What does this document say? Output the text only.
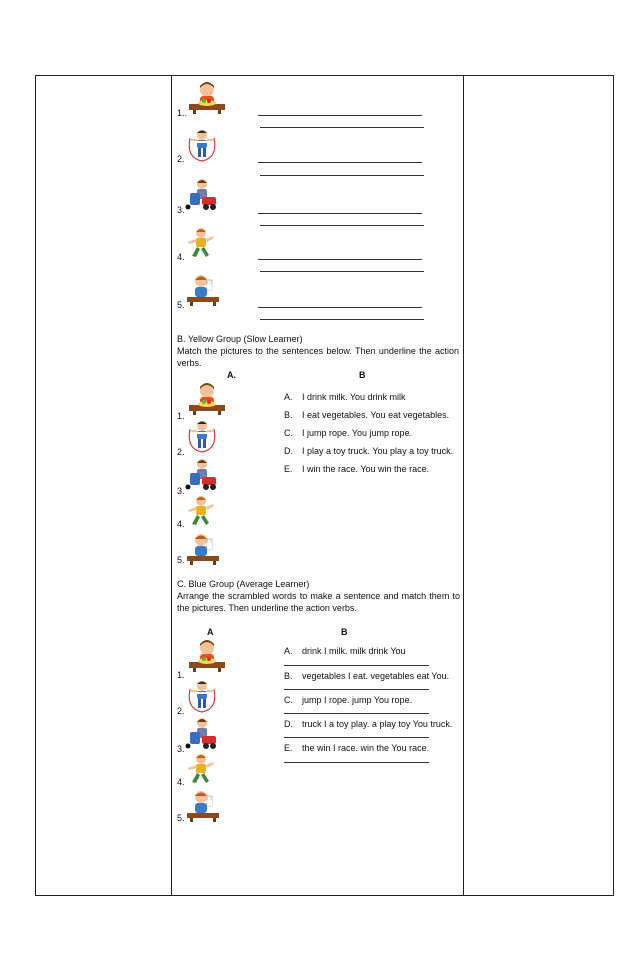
1..
2.
3.
4.
5.
B. Yellow Group (Slow Learner)
Match the pictures to the sentences below. Then underline the action verbs.
A.	B
1.
2.
3.
4.
5.
A. I drink milk. You drink milk
B. I eat vegetables. You eat vegetables.
C. I jump rope. You jump rope.
D. I play a toy truck. You play a toy truck.
E. I win the race. You win the race.
C. Blue Group (Average Learner)
Arrange the scrambled words to make a sentence and match them to the pictures. Then underline the action verbs.
A	B
1.
2.
3.
4.
5.
A. drink I milk. milk drink You
B. vegetables I eat. vegetables eat You.
C. jump I rope. jump You rope.
D. truck I a toy play. a play toy You truck.
E. the win I race. win the You race.
